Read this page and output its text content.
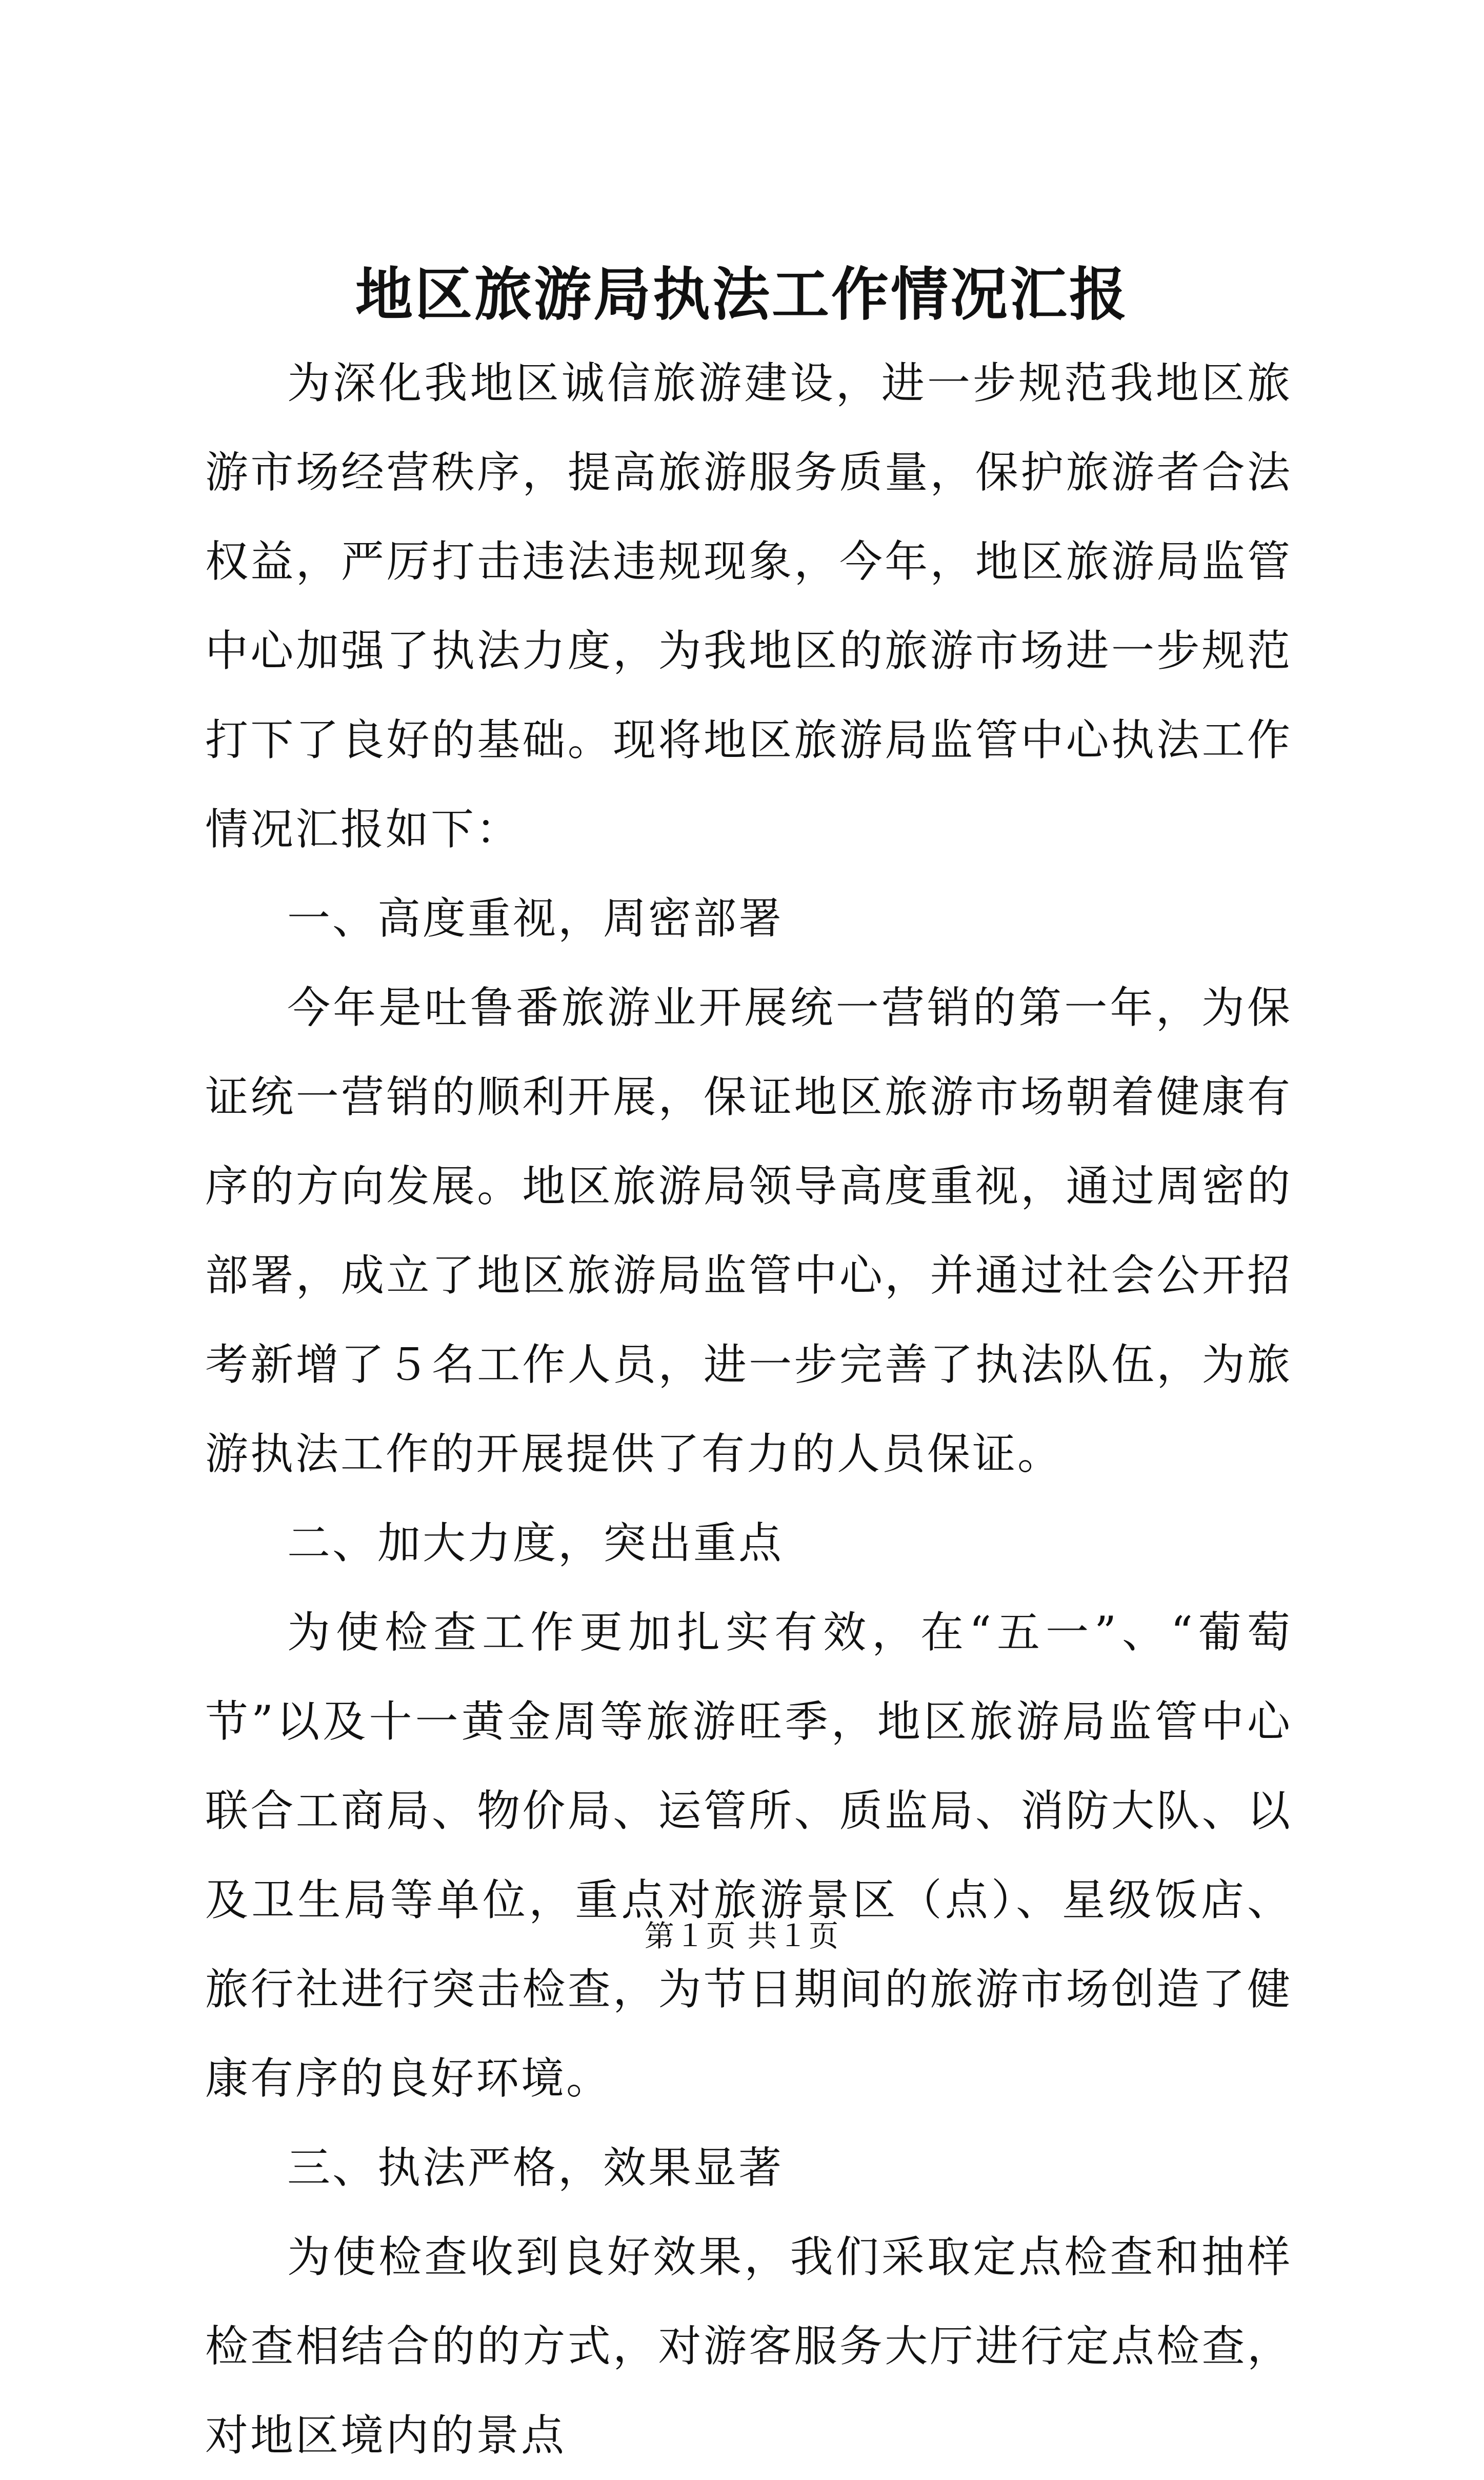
地区旅游局执法工作情况汇报

为深化我地区诚信旅游建设，进一步规范我地区旅游市场经营秩序，提高旅游服务质量，保护旅游者合法权益，严厉打击违法违规现象，今年，地区旅游局监管中心加强了执法力度，为我地区的旅游市场进一步规范打下了良好的基础。现将地区旅游局监管中心执法工作情况汇报如下：

一、高度重视，周密部署

今年是吐鲁番旅游业开展统一营销的第一年，为保证统一营销的顺利开展，保证地区旅游市场朝着健康有序的方向发展。地区旅游局领导高度重视，通过周密的部署，成立了地区旅游局监管中心，并通过社会公开招考新增了５名工作人员，进一步完善了执法队伍，为旅游执法工作的开展提供了有力的人员保证。

二、加大力度，突出重点

为使检查工作更加扎实有效，在“五一”、“葡萄节”以及十一黄金周等旅游旺季，地区旅游局监管中心联合工商局、物价局、运管所、质监局、消防大队、以及卫生局等单位，重点对旅游景区（点）、星级饭店、旅行社进行突击检查，为节日期间的旅游市场创造了健康有序的良好环境。

三、执法严格，效果显著

为使检查收到良好效果，我们采取定点检查和抽样检查相结合的的方式，对游客服务大厅进行定点检查，对地区境内的景点

第１页 共１页
